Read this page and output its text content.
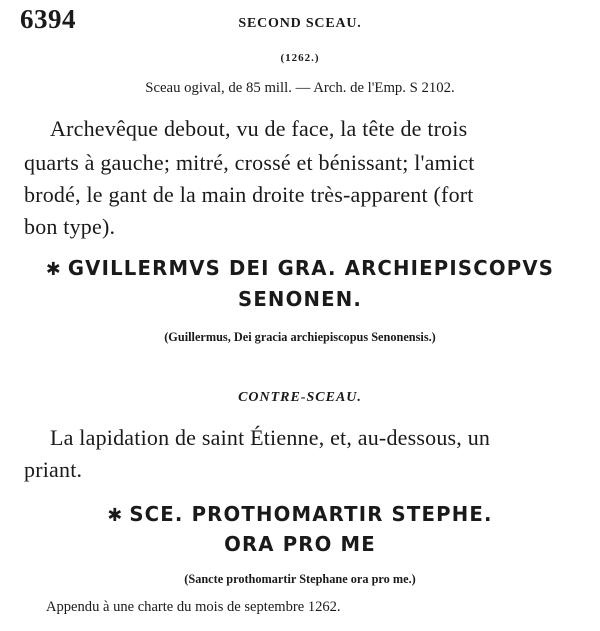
6394	SECOND SCEAU.
(1262.)
Sceau ogival, de 85 mill. — Arch. de l'Emp. S 2102.
Archevêque debout, vu de face, la tête de trois
quarts à gauche; mitré, crossé et bénissant; l'amict
brodé, le gant de la main droite très-apparent (fort
bon type).
✱ GVILLERMVS DEI GRA. ARCHIEPISCOPVS
SENONEN.
(Guillermus, Dei gracia archiepiscopus Senonensis.)
CONTRE-SCEAU.
La lapidation de saint Étienne, et, au-dessous, un
priant.
✱ SCE. PROTHOMARTIR STEPHE.
ORA PRO ME
(Sancte prothomartir Stephane ora pro me.)
Appendu à une charte du mois de septembre 1262.
